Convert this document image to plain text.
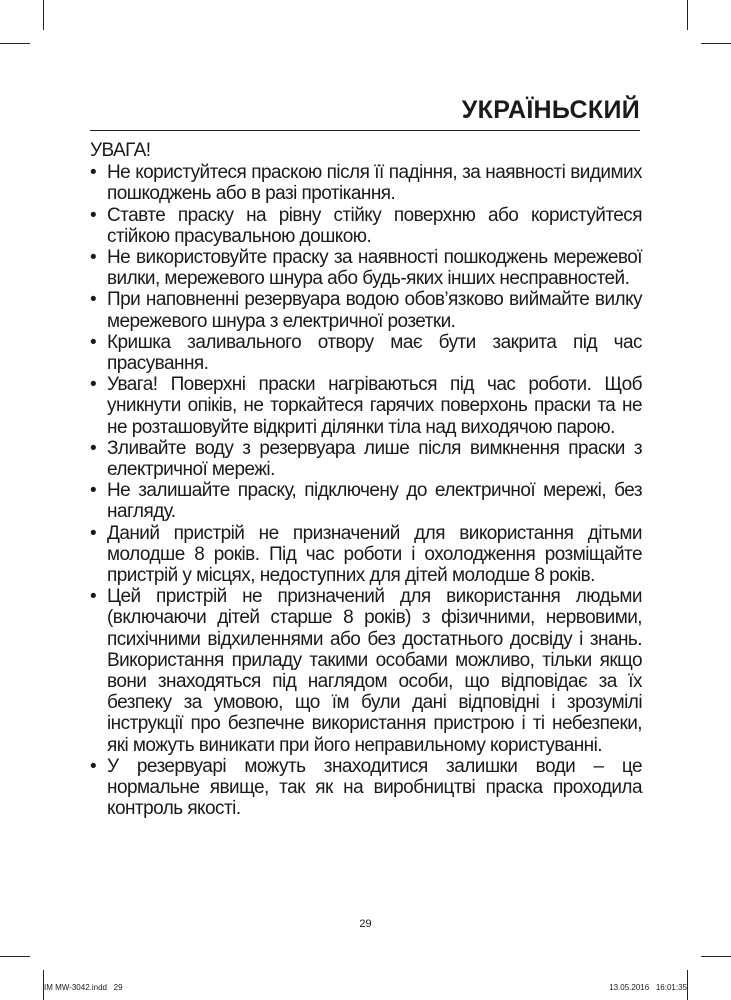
УКРАЇНЬСКИЙ
УВАГА!
• Не користуйтеся праскою після її падіння, за наявності видимих пошкоджень або в разі протікання.
• Ставте праску на рівну стійку поверхню або користуйтеся стійкою прасувальною дошкою.
• Не використовуйте праску за наявності пошкоджень мережевої вилки, мережевого шнура або будь-яких інших несправностей.
• При наповненні резервуара водою обов’язково виймайте вилку мережевого шнура з електричної розетки.
• Кришка заливального отвору має бути закрита під час прасування.
• Увага! Поверхні праски нагріваються під час роботи. Щоб уникнути опіків, не торкайтеся гарячих поверхонь праски та не не розташовуйте відкриті ділянки тіла над виходячою парою.
• Зливайте воду з резервуара лише після вимкнення праски з електричної мережі.
• Не залишайте праску, підключену до електричної мережі, без нагляду.
• Даний пристрій не призначений для використання дітьми молодше 8 років. Під час роботи і охолодження розміщайте пристрій у місцях, недоступних для дітей молодше 8 років.
• Цей пристрій не призначений для використання людьми (включаючи дітей старше 8 років) з фізичними, нервовими, психічними відхиленнями або без достатнього досвіду і знань. Використання приладу такими особами можливо, тільки якщо вони знаходяться під наглядом особи, що відповідає за їх безпеку за умовою, що їм були дані відповідні і зрозумілі інструкції про безпечне використання пристрою і ті небезпеки, які можуть виникати при його неправильному користуванні.
• У резервуарі можуть знаходитися залишки води – це нормальне явище, так як на виробництві праска проходила контроль якості.
29
IM MW-3042.indd   29	13.05.2016   16:01:35
